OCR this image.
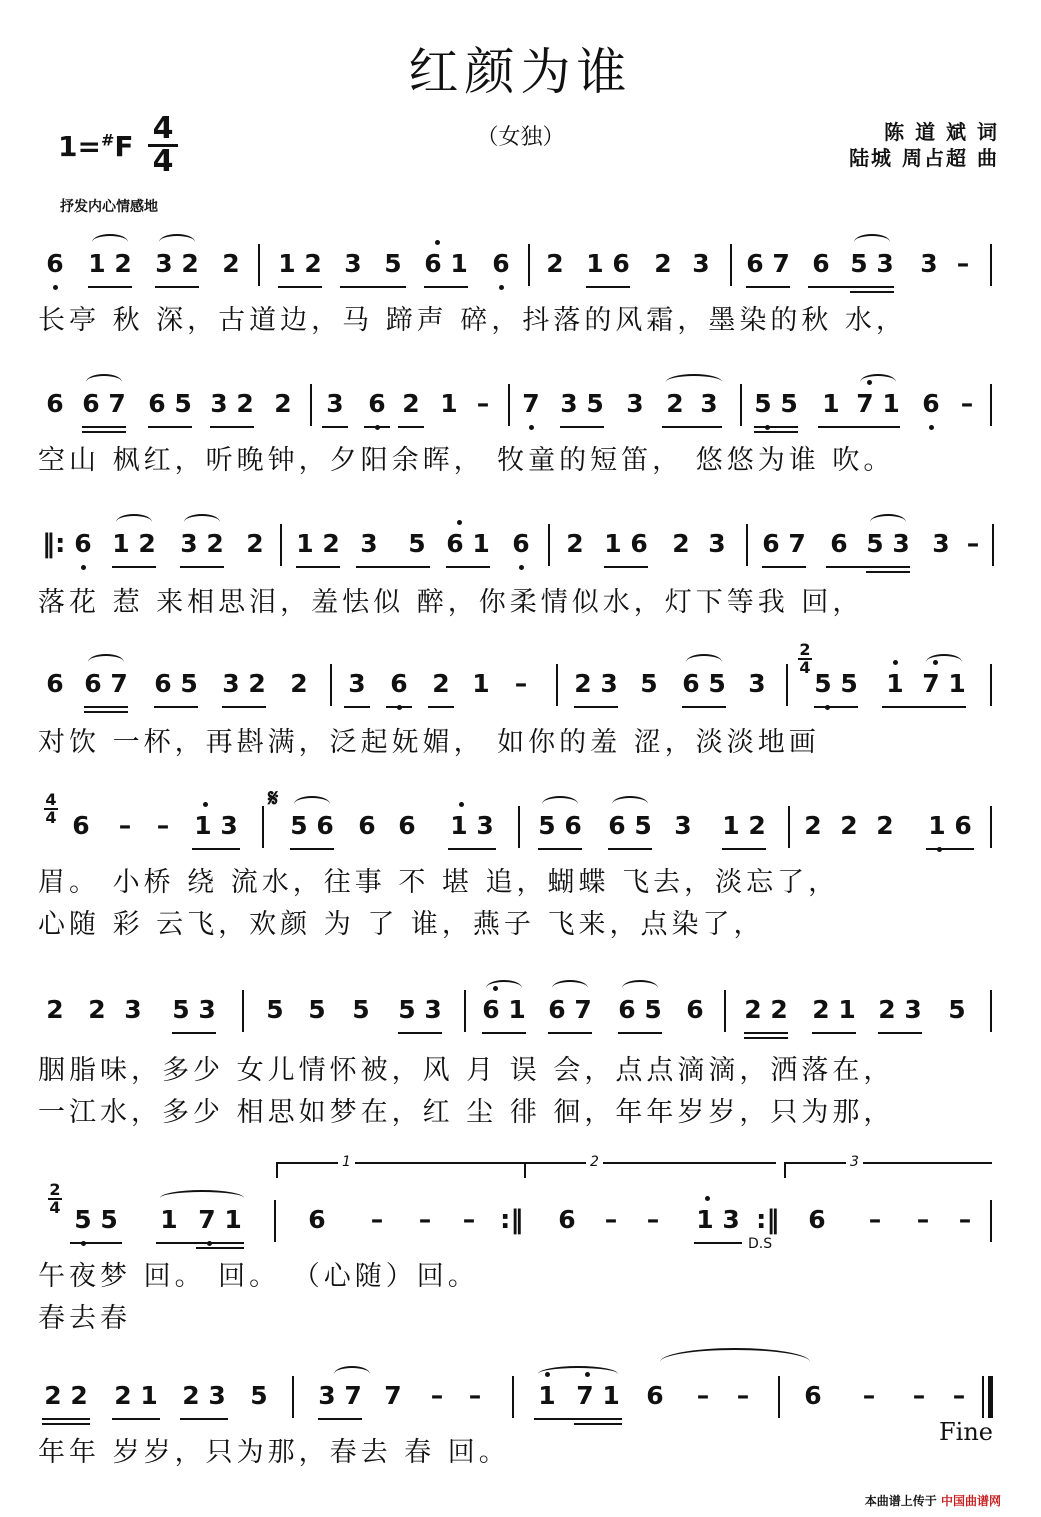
红颜为谁
（女独）	陈 道 斌 词
陆城 周占超 曲
1=#F
4
4
抒发内心情感地
6 1 2 3 2 2 1 2 3 5 6 1 6 2 1 6 2 3 6 7 6 5 3 3 –
长亭 秋 深，古道边，马 蹄声 碎，抖落的风霜，墨染的秋 水，
6 6 7 6 5 3 2 2 3 6 2 1 – 7 3 5 3 2 3 5 5 1 7 1 6 –
空山 枫红，听晚钟，夕阳余晖， 牧童的短笛， 悠悠为谁 吹。
‖: 6 1 2 3 2 2 1 2 3 5 6 1 6 2 1 6 2 3 6 7 6 5 3 3 –
落花 惹 来相思泪，羞怯似 醉，你柔情似水，灯下等我 回，
6 6 7 6 5 3 2 2 3 6 2 1 – 2 3 5 6 5 3
2
4
5 5 1 7 1
对饮 一杯，再斟满，泛起妩媚， 如你的羞 涩，淡淡地画
4
4 6 – – 1 3
𝄋
5 6 6 6 1 3 5 6 6 5 3 1 2 2 2 2 1 6
眉。 小桥 绕 流水，往事 不 堪 追，蝴蝶 飞去，淡忘了，
心随 彩 云飞，欢颜 为 了 谁，燕子 飞来，点染了，
2 2 3 5 3 5 5 5 5 3 6 1 6 7 6 5 6 2 2 2 1 2 3 5
胭脂味，多少 女儿情怀被，风 月 误 会，点点滴滴，洒落在，
一江水，多少 相思如梦在，红 尘 徘 徊，年年岁岁，只为那，
2
4 5 5 1 7 1
1
6 – – – :‖
2
6 – – 1 3
D.S
:‖
3
6 – – –
午夜梦 回。 回。 （心随）回。
春去春
2 2 2 1 2 3 5 3 7 7 – – 1 7 1 6 – – 6 – – –
年年 岁岁，只为那，春去 春 回。
Fine
本曲谱上传于 中国曲谱网
